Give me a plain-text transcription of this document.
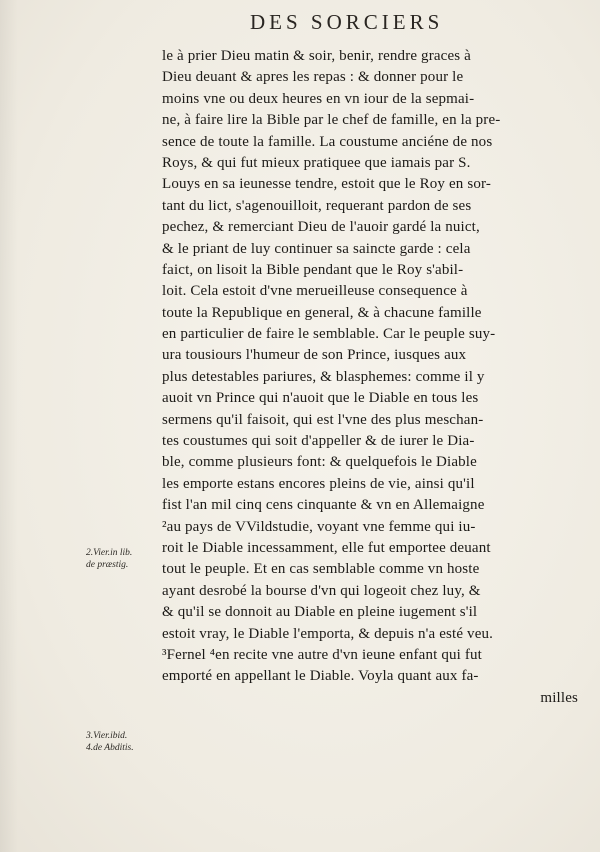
DES SORCIERS
le à prier Dieu matin & soir, benir, rendre graces à
Dieu deuant & apres les repas : & donner pour le
moins vne ou deux heures en vn iour de la sepmai-
ne, à faire lire la Bible par le chef de famille, en la pre-
sence de toute la famille. La coustume anciéne de nos
Roys, & qui fut mieux pratiquee que iamais par S.
Louys en sa ieunesse tendre, estoit que le Roy en sor-
tant du lict, s'agenouilloit, requerant pardon de ses
pechez, & remerciant Dieu de l'auoir gardé la nuict,
& le priant de luy continuer sa saincte garde : cela
faict, on lisoit la Bible pendant que le Roy s'abil-
loit. Cela estoit d'vne merueilleuse consequence à
toute la Republique en general, & à chacune famille
en particulier de faire le semblable. Car le peuple suy-
ura tousiours l'humeur de son Prince, iusques aux
plus detestables pariures, & blasphemes: comme il y
auoit vn Prince qui n'auoit que le Diable en tous les
sermens qu'il faisoit, qui est l'vne des plus meschan-
tes coustumes qui soit d'appeller & de iurer le Dia-
ble, comme plusieurs font: & quelquefois le Diable
les emporte estans encores pleins de vie, ainsi qu'il
fist l'an mil cinq cens cinquante & vn en Allemaigne
²au pays de VVildstudie, voyant vne femme qui iu-
roit le Diable incessamment, elle fut emportee deuant
tout le peuple. Et en cas semblable comme vn hoste
ayant desrobé la bourse d'vn qui logeoit chez luy, &
& qu'il se donnoit au Diable en pleine iugement s'il
estoit vray, le Diable l'emporta, & depuis n'a esté veu.
³Fernel ⁴en recite vne autre d'vn ieune enfant qui fut
emporté en appellant le Diable. Voyla quant aux fa-
milles
2.Vier.in lib.
de præstig.
3.Vier.ibid.
4.de Abditis.
